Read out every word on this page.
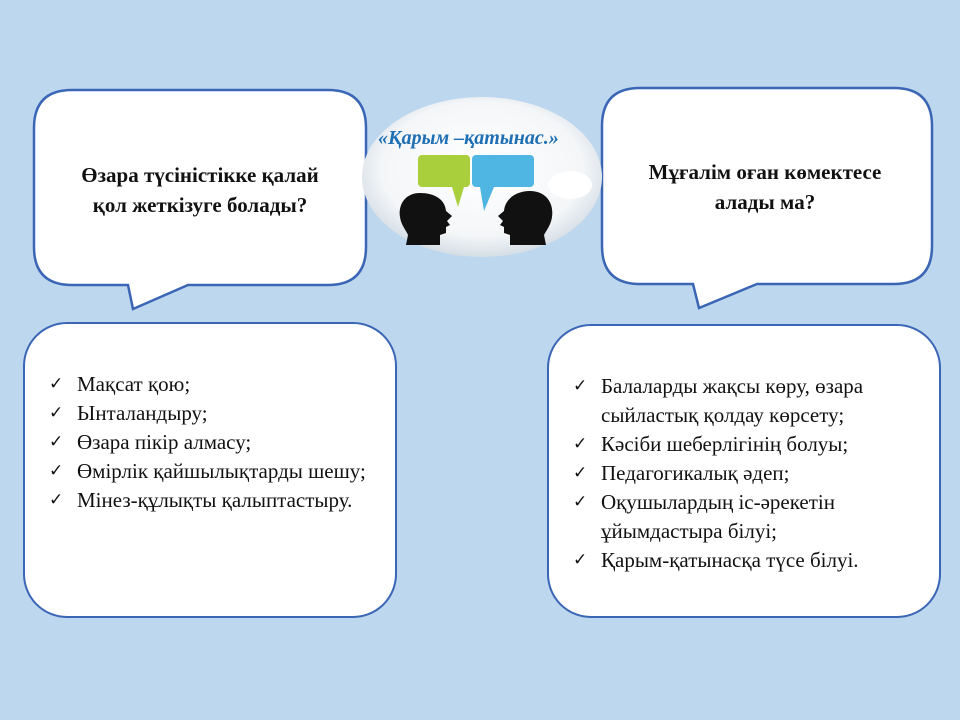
«Қарым –қатынас.»
Өзара түсіністікке қалай
қол жеткізуге болады?
Мұғалім оған көмектесе
алады ма?
✓ Мақсат қою;
✓ Ынталандыру;
✓ Өзара пікір алмасу;
✓ Өмірлік қайшылықтарды шешу;
✓ Мінез-құлықты қалыптастыру.
✓ Балаларды жақсы көру, өзара сыйластық қолдау көрсету;
✓ Кәсіби шеберлігінің болуы;
✓ Педагогикалық әдеп;
✓ Оқушылардың іс-әрекетін ұйымдастыра білуі;
✓ Қарым-қатынасқа түсе білуі.
